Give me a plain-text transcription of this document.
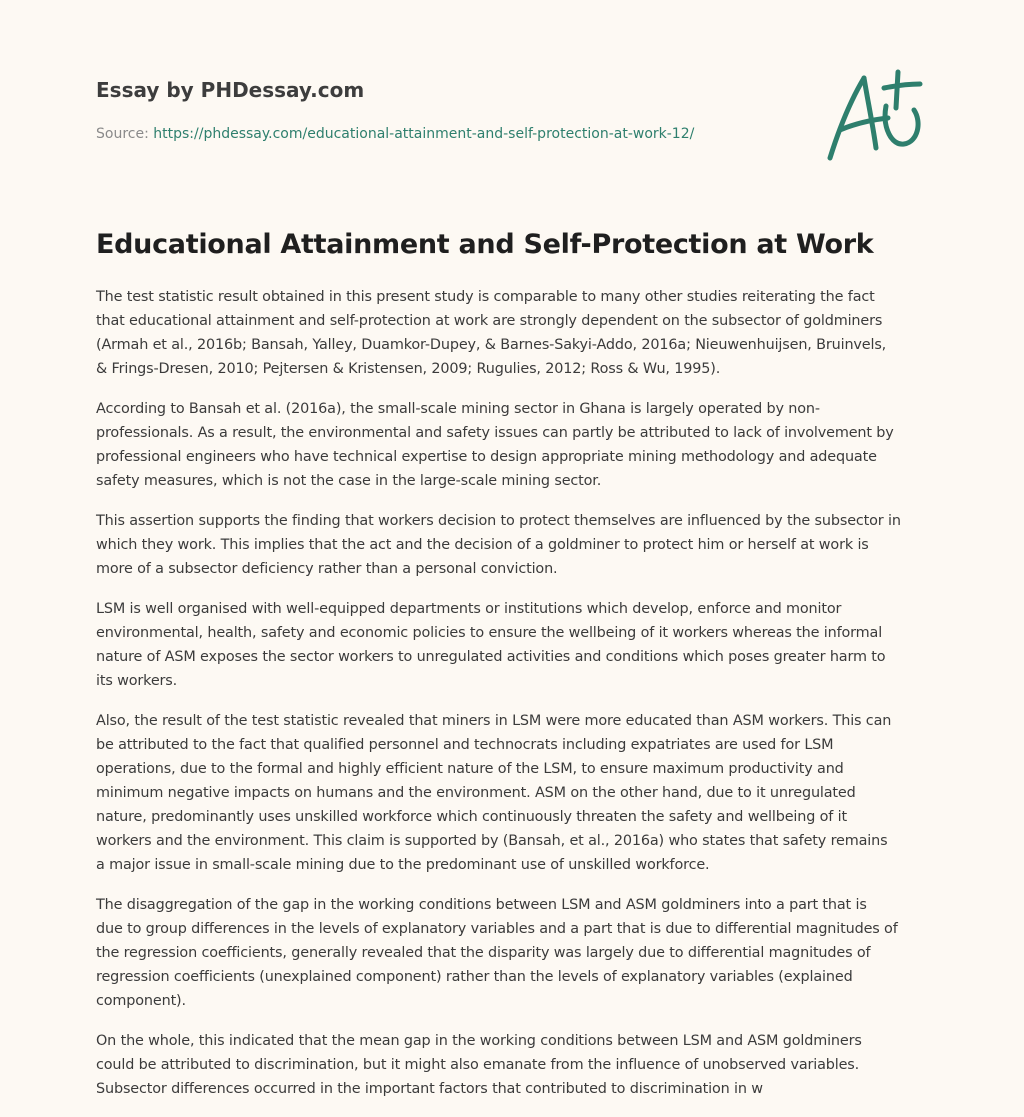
Essay by PHDessay.com
Source: https://phdessay.com/educational-attainment-and-self-protection-at-work-12/
Educational Attainment and Self-Protection at Work

The test statistic result obtained in this present study is comparable to many other studies reiterating the fact
that educational attainment and self-protection at work are strongly dependent on the subsector of goldminers
(Armah et al., 2016b; Bansah, Yalley, Duamkor-Dupey, & Barnes-Sakyi-Addo, 2016a; Nieuwenhuijsen, Bruinvels,
& Frings-Dresen, 2010; Pejtersen & Kristensen, 2009; Rugulies, 2012; Ross & Wu, 1995).

According to Bansah et al. (2016a), the small-scale mining sector in Ghana is largely operated by non-
professionals. As a result, the environmental and safety issues can partly be attributed to lack of involvement by
professional engineers who have technical expertise to design appropriate mining methodology and adequate
safety measures, which is not the case in the large-scale mining sector.

This assertion supports the finding that workers decision to protect themselves are influenced by the subsector in
which they work. This implies that the act and the decision of a goldminer to protect him or herself at work is
more of a subsector deficiency rather than a personal conviction.

LSM is well organised with well-equipped departments or institutions which develop, enforce and monitor
environmental, health, safety and economic policies to ensure the wellbeing of it workers whereas the informal
nature of ASM exposes the sector workers to unregulated activities and conditions which poses greater harm to
its workers.

Also, the result of the test statistic revealed that miners in LSM were more educated than ASM workers. This can
be attributed to the fact that qualified personnel and technocrats including expatriates are used for LSM
operations, due to the formal and highly efficient nature of the LSM, to ensure maximum productivity and
minimum negative impacts on humans and the environment. ASM on the other hand, due to it unregulated
nature, predominantly uses unskilled workforce which continuously threaten the safety and wellbeing of it
workers and the environment. This claim is supported by (Bansah, et al., 2016a) who states that safety remains
a major issue in small-scale mining due to the predominant use of unskilled workforce.

The disaggregation of the gap in the working conditions between LSM and ASM goldminers into a part that is
due to group differences in the levels of explanatory variables and a part that is due to differential magnitudes of
the regression coefficients, generally revealed that the disparity was largely due to differential magnitudes of
regression coefficients (unexplained component) rather than the levels of explanatory variables (explained
component).

On the whole, this indicated that the mean gap in the working conditions between LSM and ASM goldminers
could be attributed to discrimination, but it might also emanate from the influence of unobserved variables.
Subsector differences occurred in the important factors that contributed to discrimination in w
